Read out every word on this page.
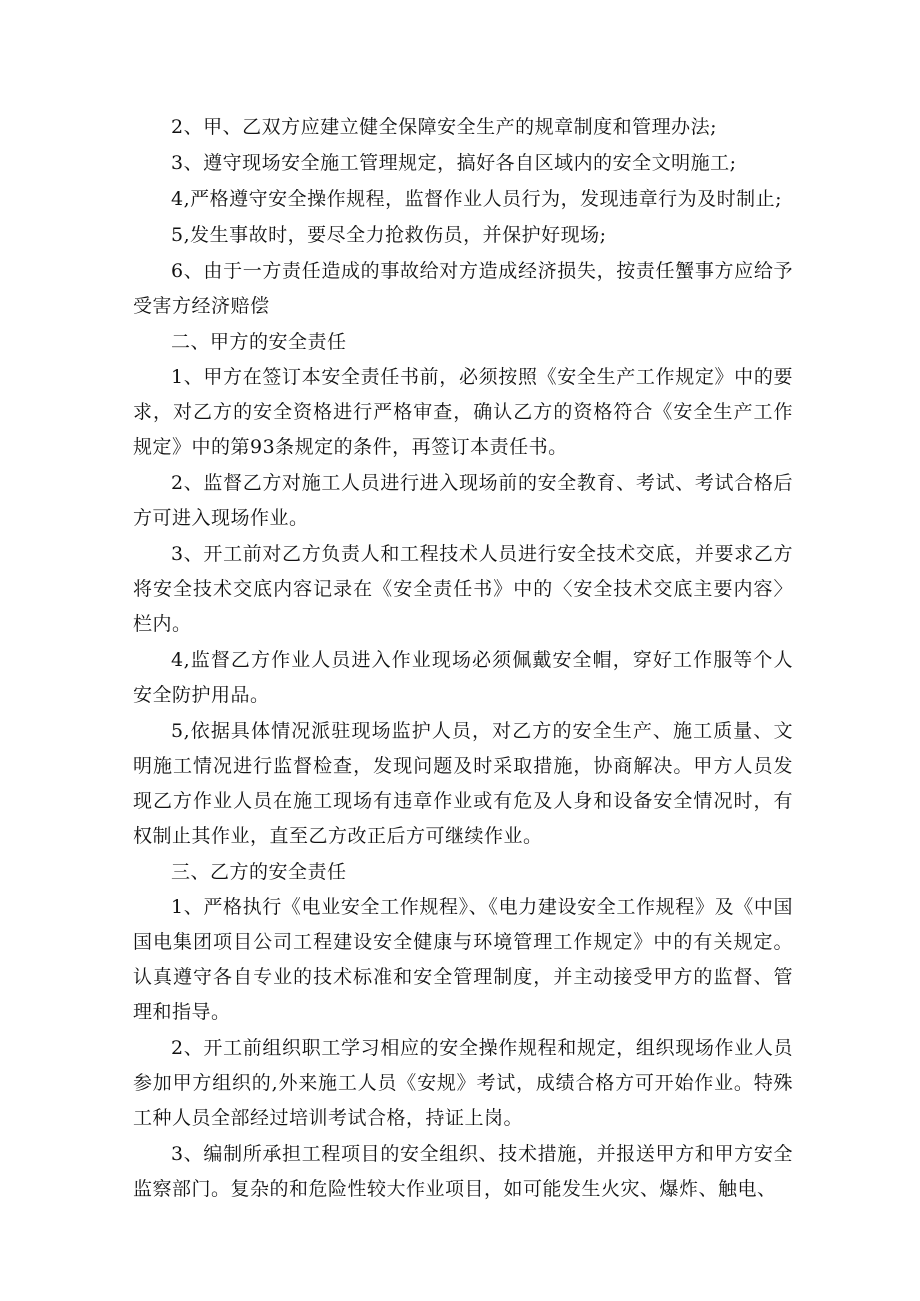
2、甲、乙双方应建立健全保障安全生产的规章制度和管理办法;

3、遵守现场安全施工管理规定，搞好各自区域内的安全文明施工;

4,严格遵守安全操作规程，监督作业人员行为，发现违章行为及时制止;

5,发生事故时，要尽全力抢救伤员，并保护好现场;

6、由于一方责任造成的事故给对方造成经济损失，按责任蟹事方应给予受害方经济赔偿

二、甲方的安全责任

1、甲方在签订本安全责任书前，必须按照《安全生产工作规定》中的要求，对乙方的安全资格进行严格审查，确认乙方的资格符合《安全生产工作规定》中的第93条规定的条件，再签订本责任书。

2、监督乙方对施工人员进行进入现场前的安全教育、考试、考试合格后方可进入现场作业。

3、开工前对乙方负责人和工程技术人员进行安全技术交底，并要求乙方将安全技术交底内容记录在《安全责任书》中的〈安全技术交底主要内容〉栏内。

4,监督乙方作业人员进入作业现场必须佩戴安全帽，穿好工作服等个人安全防护用品。

5,依据具体情况派驻现场监护人员，对乙方的安全生产、施工质量、文明施工情况进行监督检查，发现问题及时采取措施，协商解决。甲方人员发现乙方作业人员在施工现场有违章作业或有危及人身和设备安全情况时，有权制止其作业，直至乙方改正后方可继续作业。

三、乙方的安全责任

1、严格执行《电业安全工作规程》、《电力建设安全工作规程》及《中国国电集团项目公司工程建设安全健康与环境管理工作规定》中的有关规定。认真遵守各自专业的技术标准和安全管理制度，并主动接受甲方的监督、管理和指导。

2、开工前组织职工学习相应的安全操作规程和规定，组织现场作业人员参加甲方组织的,外来施工人员《安规》考试，成绩合格方可开始作业。特殊工种人员全部经过培训考试合格，持证上岗。

3、编制所承担工程项目的安全组织、技术措施，并报送甲方和甲方安全监察部门。复杂的和危险性较大作业项目，如可能发生火灾、爆炸、触电、
